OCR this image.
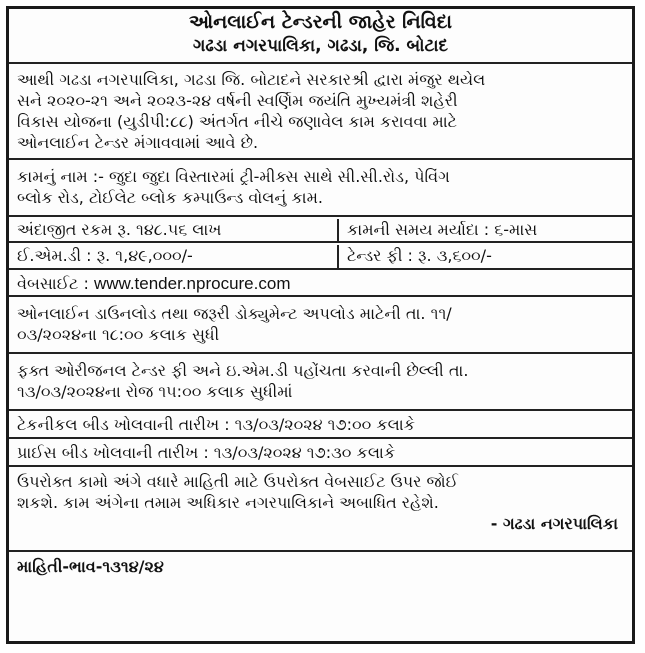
ઓનલાઈન ટેન્ડરની જાહેર નિવિદા
ગઢડા નગરપાલિકા, ગઢડા, જિ. બોટાદ
આથી ગઢડા નગરપાલિકા, ગઢડા જિ. બોટાદને સરકારશ્રી દ્વારા મંજુર થયેલ
સને ૨૦૨૦-૨૧ અને ૨૦૨૩-૨૪ વર્ષની સ્વર્ણિમ જયંતિ મુખ્યમંત્રી શહેરી
વિકાસ યોજના (યુડીપી:૮૮) અંતર્ગત નીચે જણાવેલ કામ કરાવવા માટે
ઓનલાઈન ટેન્ડર મંગાવવામાં આવે છે.
કામનું નામ :- જુદા જુદા વિસ્તારમાં ટ્રી-મીક્સ સાથે સી.સી.રોડ, પેવિંગ
બ્લોક રોડ, ટોઈલેટ બ્લોક કમ્પાઉન્ડ વોલનું કામ.
અંદાજીત રકમ રૂ. ૧૪૮.૫૬ લાખ	કામની સમય મર્યાદા : ૬-માસ
ઈ.એમ.ડી : રૂ. ૧,૪૯,૦૦૦/-	ટેન્ડર ફી : રૂ. ૩,૬૦૦/-
વેબસાઈટ : www.tender.nprocure.com
ઓનલાઈન ડાઉનલોડ તથા જરૂરી ડોક્યુમેન્ટ અપલોડ માટેની તા. ૧૧/
૦૩/૨૦૨૪ના ૧૮:૦૦ કલાક સુધી
ફક્ત ઓરીજનલ ટેન્ડર ફી અને ઇ.એમ.ડી પહોંચતા કરવાની છેલ્લી તા.
૧૩/૦૩/૨૦૨૪ના રોજ ૧૫:૦૦ કલાક સુધીમાં
ટેકનીકલ બીડ ખોલવાની તારીખ : ૧૩/૦૩/૨૦૨૪ ૧૭:૦૦ કલાકે
પ્રાઈસ બીડ ખોલવાની તારીખ : ૧૩/૦૩/૨૦૨૪ ૧૭:૩૦ કલાકે
ઉપરોક્ત કામો અંગે વધારે માહિતી માટે ઉપરોક્ત વેબસાઈટ ઉપર જોઈ
શકશે. કામ અંગેના તમામ અધિકાર નગરપાલિકાને અબાધિત રહેશે.
- ગઢડા નગરપાલિકા
માહિતી-ભાવ-૧૩૧૪/૨૪
